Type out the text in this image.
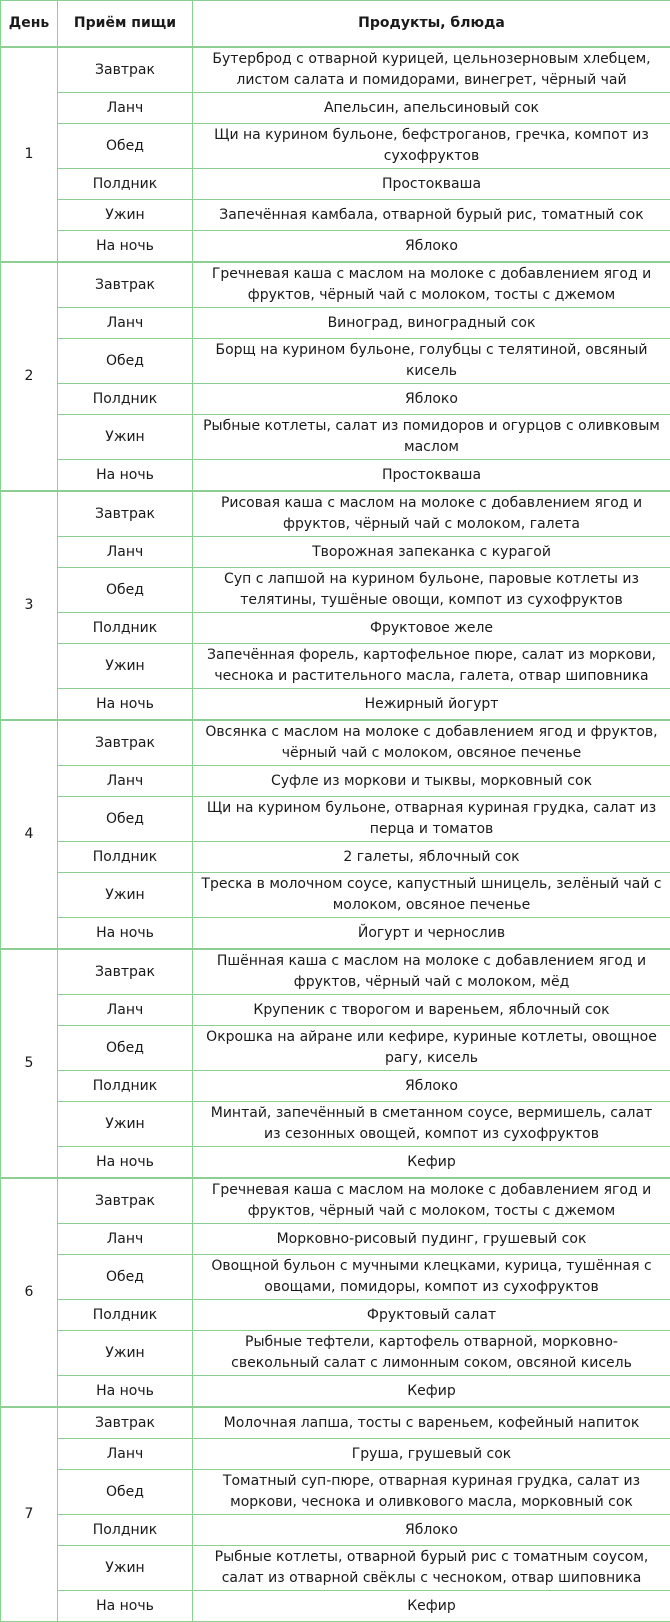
День	Приём пищи	Продукты, блюда
1	Завтрак	Бутерброд с отварной курицей, цельнозерновым хлебцем, листом салата и помидорами, винегрет, чёрный чай
	Ланч	Апельсин, апельсиновый сок
	Обед	Щи на курином бульоне, бефстроганов, гречка, компот из сухофруктов
	Полдник	Простокваша
	Ужин	Запечённая камбала, отварной бурый рис, томатный сок
	На ночь	Яблоко
2	Завтрак	Гречневая каша с маслом на молоке с добавлением ягод и фруктов, чёрный чай с молоком, тосты с джемом
	Ланч	Виноград, виноградный сок
	Обед	Борщ на курином бульоне, голубцы с телятиной, овсяный кисель
	Полдник	Яблоко
	Ужин	Рыбные котлеты, салат из помидоров и огурцов с оливковым маслом
	На ночь	Простокваша
3	Завтрак	Рисовая каша с маслом на молоке с добавлением ягод и фруктов, чёрный чай с молоком, галета
	Ланч	Творожная запеканка с курагой
	Обед	Суп с лапшой на курином бульоне, паровые котлеты из телятины, тушёные овощи, компот из сухофруктов
	Полдник	Фруктовое желе
	Ужин	Запечённая форель, картофельное пюре, салат из моркови, чеснока и растительного масла, галета, отвар шиповника
	На ночь	Нежирный йогурт
4	Завтрак	Овсянка с маслом на молоке с добавлением ягод и фруктов, чёрный чай с молоком, овсяное печенье
	Ланч	Суфле из моркови и тыквы, морковный сок
	Обед	Щи на курином бульоне, отварная куриная грудка, салат из перца и томатов
	Полдник	2 галеты, яблочный сок
	Ужин	Треска в молочном соусе, капустный шницель, зелёный чай с молоком, овсяное печенье
	На ночь	Йогурт и чернослив
5	Завтрак	Пшённая каша с маслом на молоке с добавлением ягод и фруктов, чёрный чай с молоком, мёд
	Ланч	Крупеник с творогом и вареньем, яблочный сок
	Обед	Окрошка на айране или кефире, куриные котлеты, овощное рагу, кисель
	Полдник	Яблоко
	Ужин	Минтай, запечённый в сметанном соусе, вермишель, салат из сезонных овощей, компот из сухофруктов
	На ночь	Кефир
6	Завтрак	Гречневая каша с маслом на молоке с добавлением ягод и фруктов, чёрный чай с молоком, тосты с джемом
	Ланч	Морковно-рисовый пудинг, грушевый сок
	Обед	Овощной бульон с мучными клецками, курица, тушённая с овощами, помидоры, компот из сухофруктов
	Полдник	Фруктовый салат
	Ужин	Рыбные тефтели, картофель отварной, морковно-свекольный салат с лимонным соком, овсяной кисель
	На ночь	Кефир
7	Завтрак	Молочная лапша, тосты с вареньем, кофейный напиток
	Ланч	Груша, грушевый сок
	Обед	Томатный суп-пюре, отварная куриная грудка, салат из моркови, чеснока и оливкового масла, морковный сок
	Полдник	Яблоко
	Ужин	Рыбные котлеты, отварной бурый рис с томатным соусом, салат из отварной свёклы с чесноком, отвар шиповника
	На ночь	Кефир
